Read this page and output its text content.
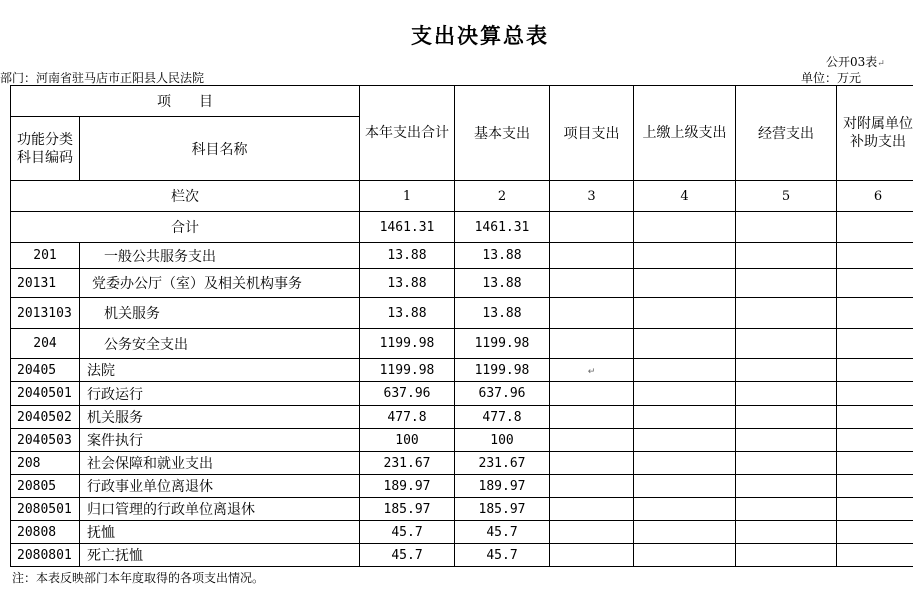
支出决算总表
公开03表↵
部门：河南省驻马店市正阳县人民法院	单位：万元
项　　目		本年支出合计	基本支出	项目支出	上缴上级支出	经营支出	对附属单位补助支出
功能分类科目编码	科目名称						
栏次		1	2	3	4	5	6
合计		1461.31	1461.31				
201	一般公共服务支出	13.88	13.88				
20131	党委办公厅（室）及相关机构事务	13.88	13.88				
2013103	机关服务	13.88	13.88				
204	公务安全支出	1199.98	1199.98				
20405	法院	1199.98	1199.98	↵			
2040501	行政运行	637.96	637.96				
2040502	机关服务	477.8	477.8				
2040503	案件执行	100	100				
208	社会保障和就业支出	231.67	231.67				
20805	行政事业单位离退休	189.97	189.97				
2080501	归口管理的行政单位离退休	185.97	185.97				
20808	抚恤	45.7	45.7				
2080801	死亡抚恤	45.7	45.7				
注：本表反映部门本年度取得的各项支出情况。
